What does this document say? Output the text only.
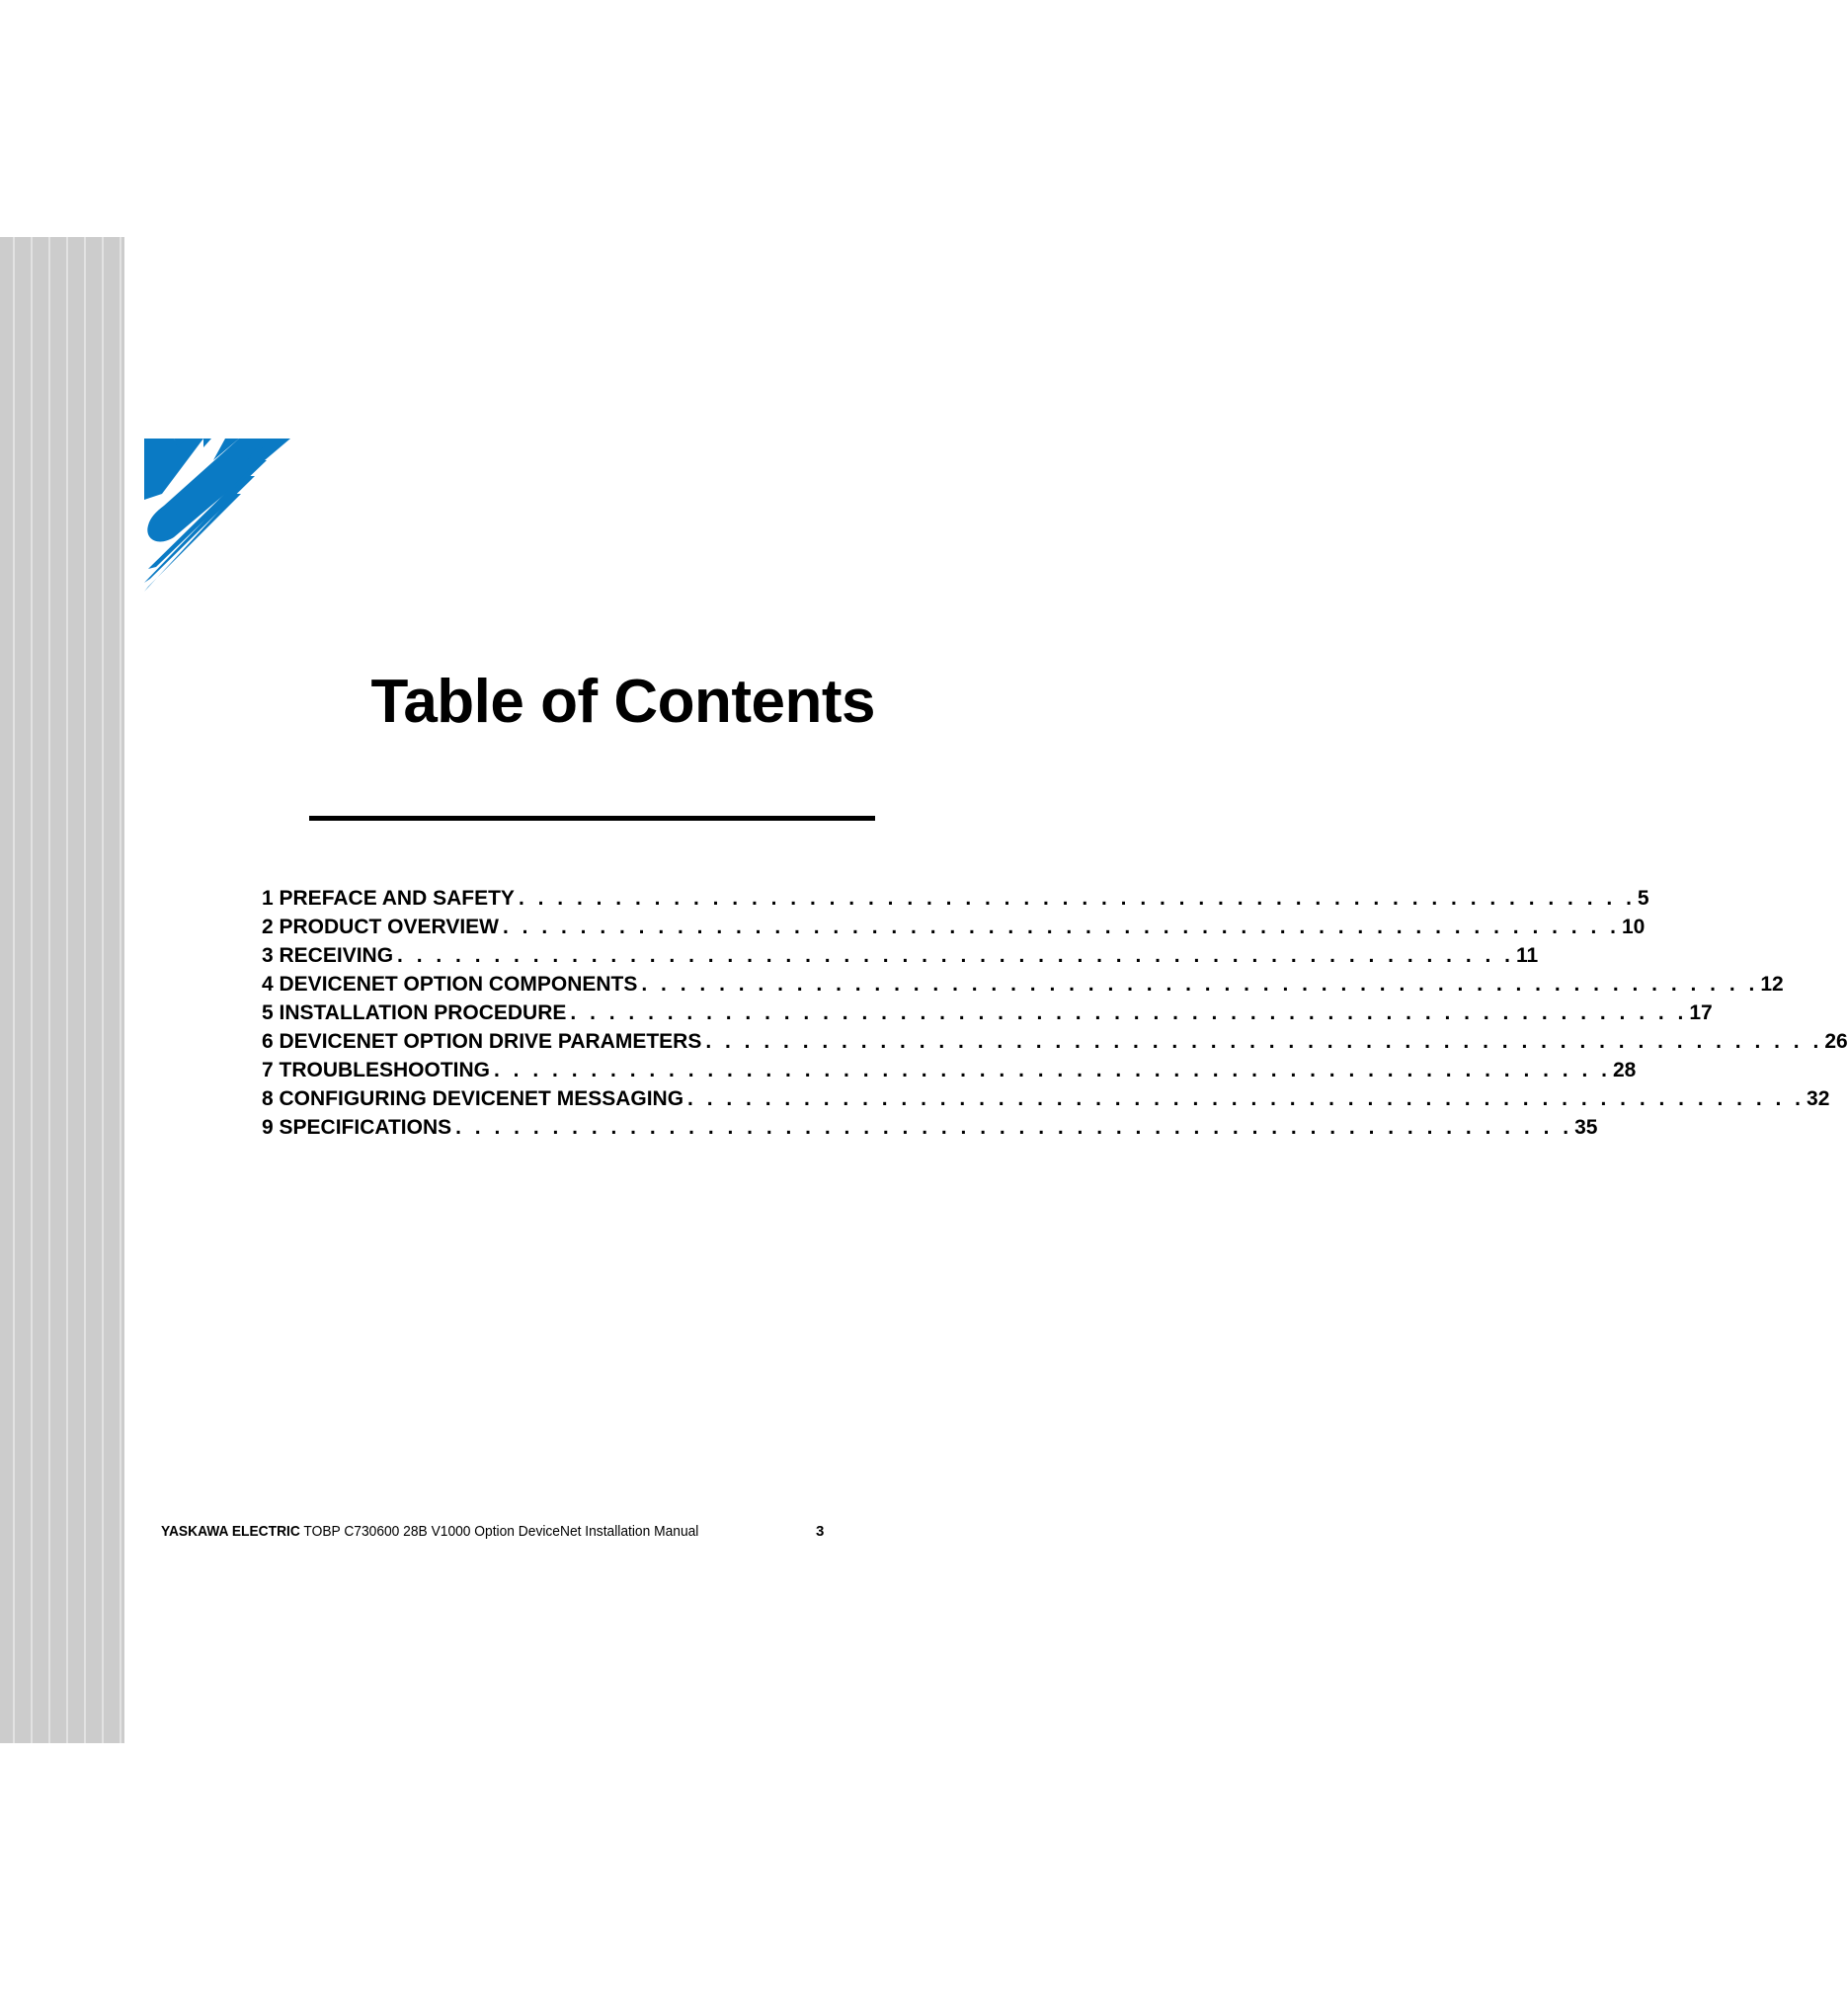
Table of Contents
1 PREFACE AND SAFETY . . . . . . . . . . . . . . . . . . . . . . . . . . . . . . . . . . . . . . . . . . . . . . . . . . . . . . . . . . 5
2 PRODUCT OVERVIEW . . . . . . . . . . . . . . . . . . . . . . . . . . . . . . . . . . . . . . . . . . . . . . . . . . . . . . . . . . 10
3 RECEIVING . . . . . . . . . . . . . . . . . . . . . . . . . . . . . . . . . . . . . . . . . . . . . . . . . . . . . . . . . . 11
4 DEVICENET OPTION COMPONENTS . . . . . . . . . . . . . . . . . . . . . . . . . . . . . . . . . . . . . . . . . . . . . . . . . . . . . . . . . . 12
5 INSTALLATION PROCEDURE . . . . . . . . . . . . . . . . . . . . . . . . . . . . . . . . . . . . . . . . . . . . . . . . . . . . . . . . . . 17
6 DEVICENET OPTION DRIVE PARAMETERS . . . . . . . . . . . . . . . . . . . . . . . . . . . . . . . . . . . . . . . . . . . . . . . . . . . . . . . . . . 26
7 TROUBLESHOOTING . . . . . . . . . . . . . . . . . . . . . . . . . . . . . . . . . . . . . . . . . . . . . . . . . . . . . . . . . . 28
8 CONFIGURING DEVICENET MESSAGING . . . . . . . . . . . . . . . . . . . . . . . . . . . . . . . . . . . . . . . . . . . . . . . . . . . . . . . . . . 32
9 SPECIFICATIONS . . . . . . . . . . . . . . . . . . . . . . . . . . . . . . . . . . . . . . . . . . . . . . . . . . . . . . . . . . 35
YASKAWA ELECTRIC TOBP C730600 28B V1000 Option DeviceNet Installation Manual	3
